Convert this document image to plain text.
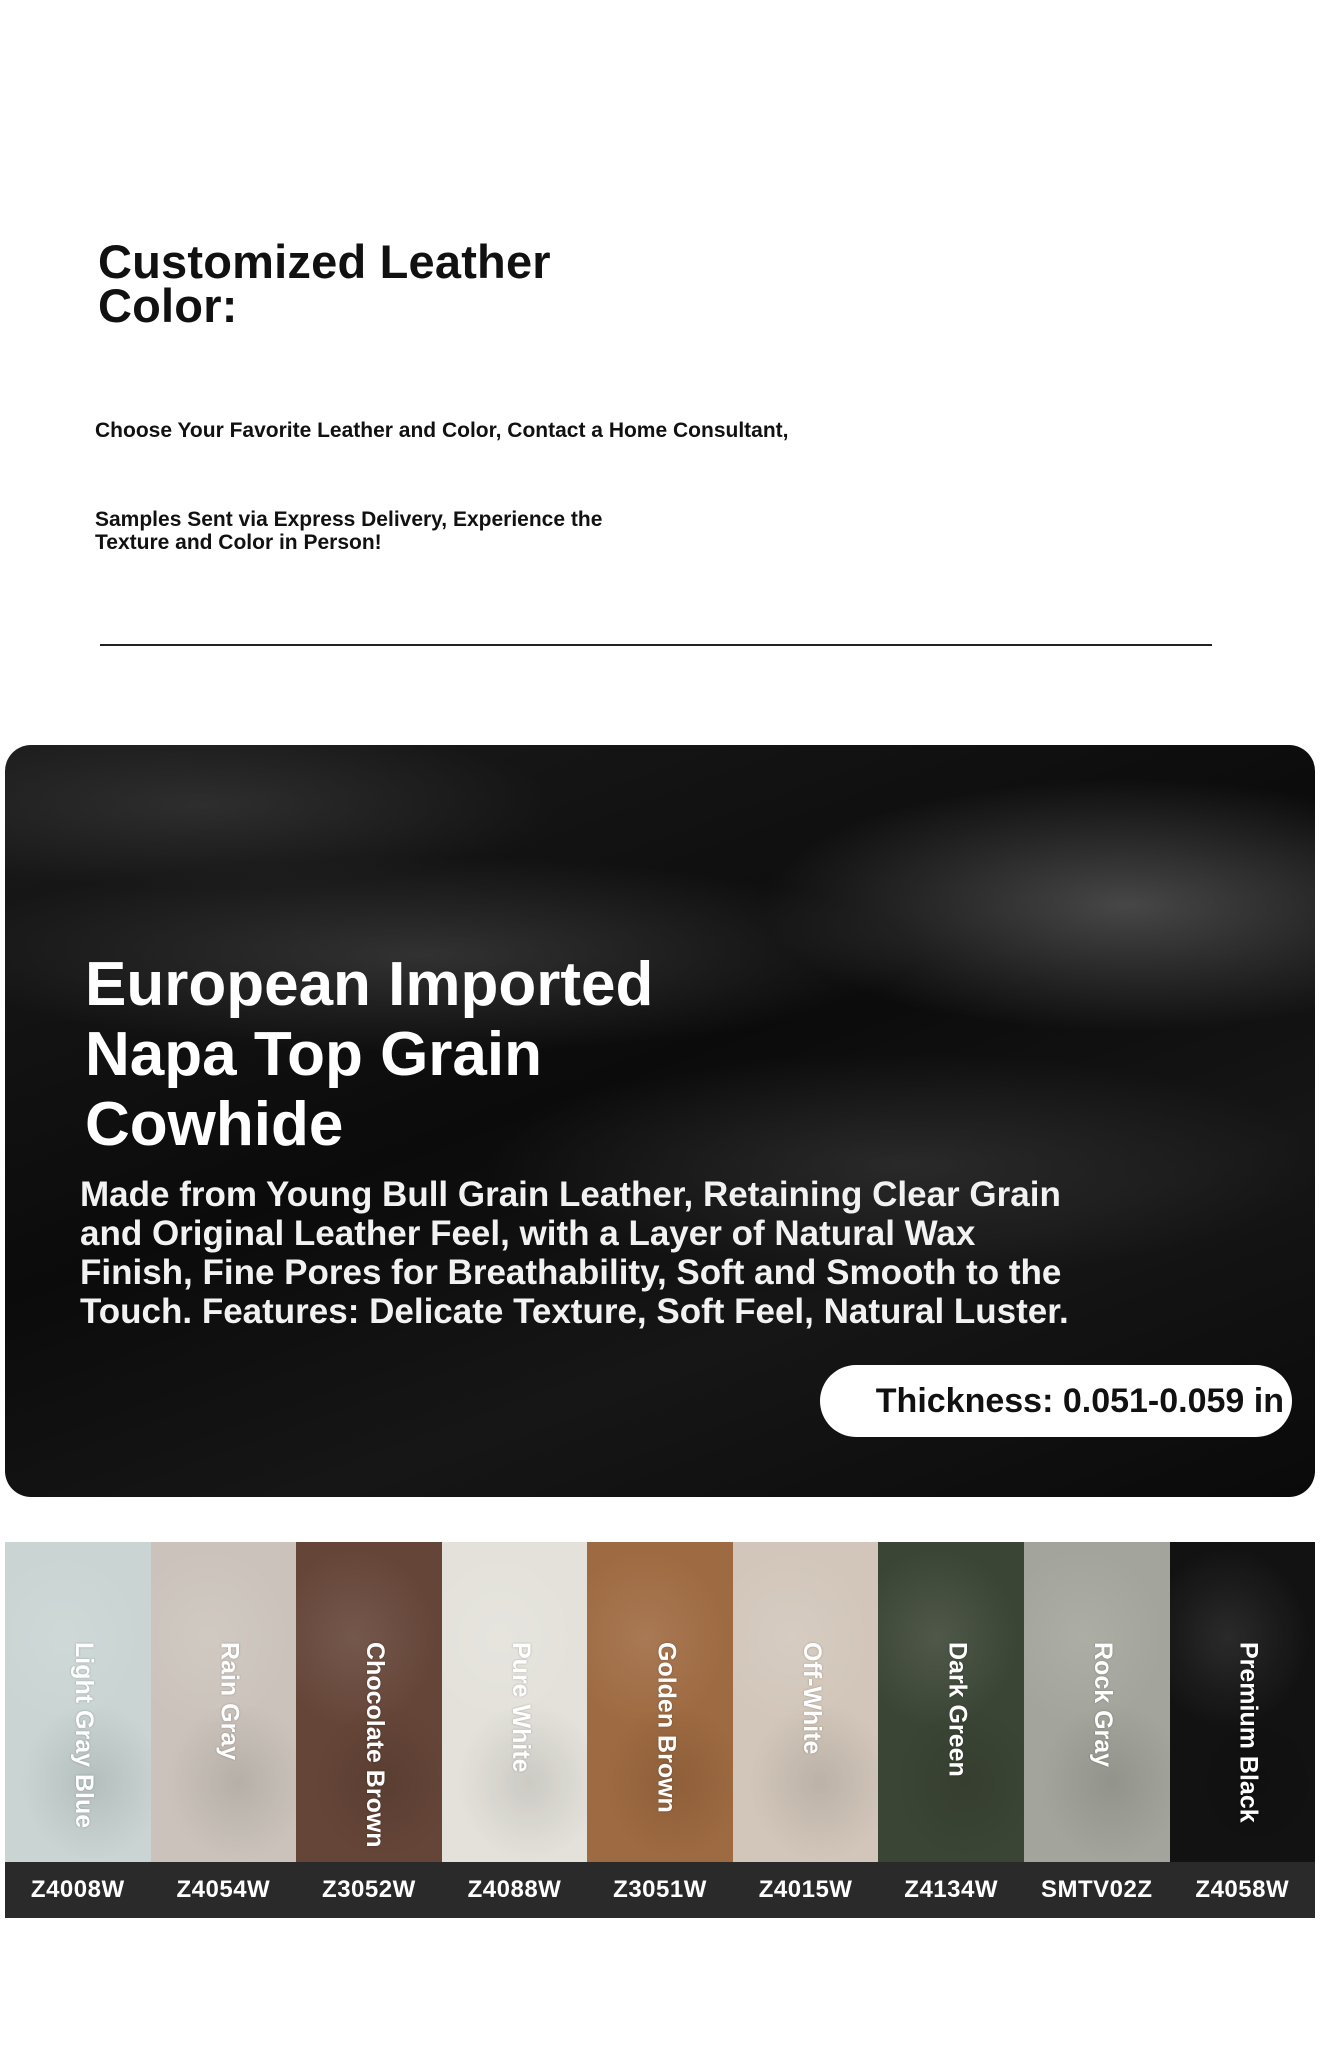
Customized Leather Color:
Choose Your Favorite Leather and Color, Contact a Home Consultant,
Samples Sent via Express Delivery, Experience the Texture and Color in Person!
European Imported Napa Top Grain Cowhide
Made from Young Bull Grain Leather, Retaining Clear Grain and Original Leather Feel, with a Layer of Natural Wax Finish, Fine Pores for Breathability, Soft and Smooth to the Touch. Features: Delicate Texture, Soft Feel, Natural Luster.
Thickness: 0.051-0.059 in
Light Gray Blue
Z4008W
Rain Gray
Z4054W
Chocolate Brown
Z3052W
Pure White
Z4088W
Golden Brown
Z3051W
Off-White
Z4015W
Dark Green
Z4134W
Rock Gray
SMTV02Z
Premium Black
Z4058W
